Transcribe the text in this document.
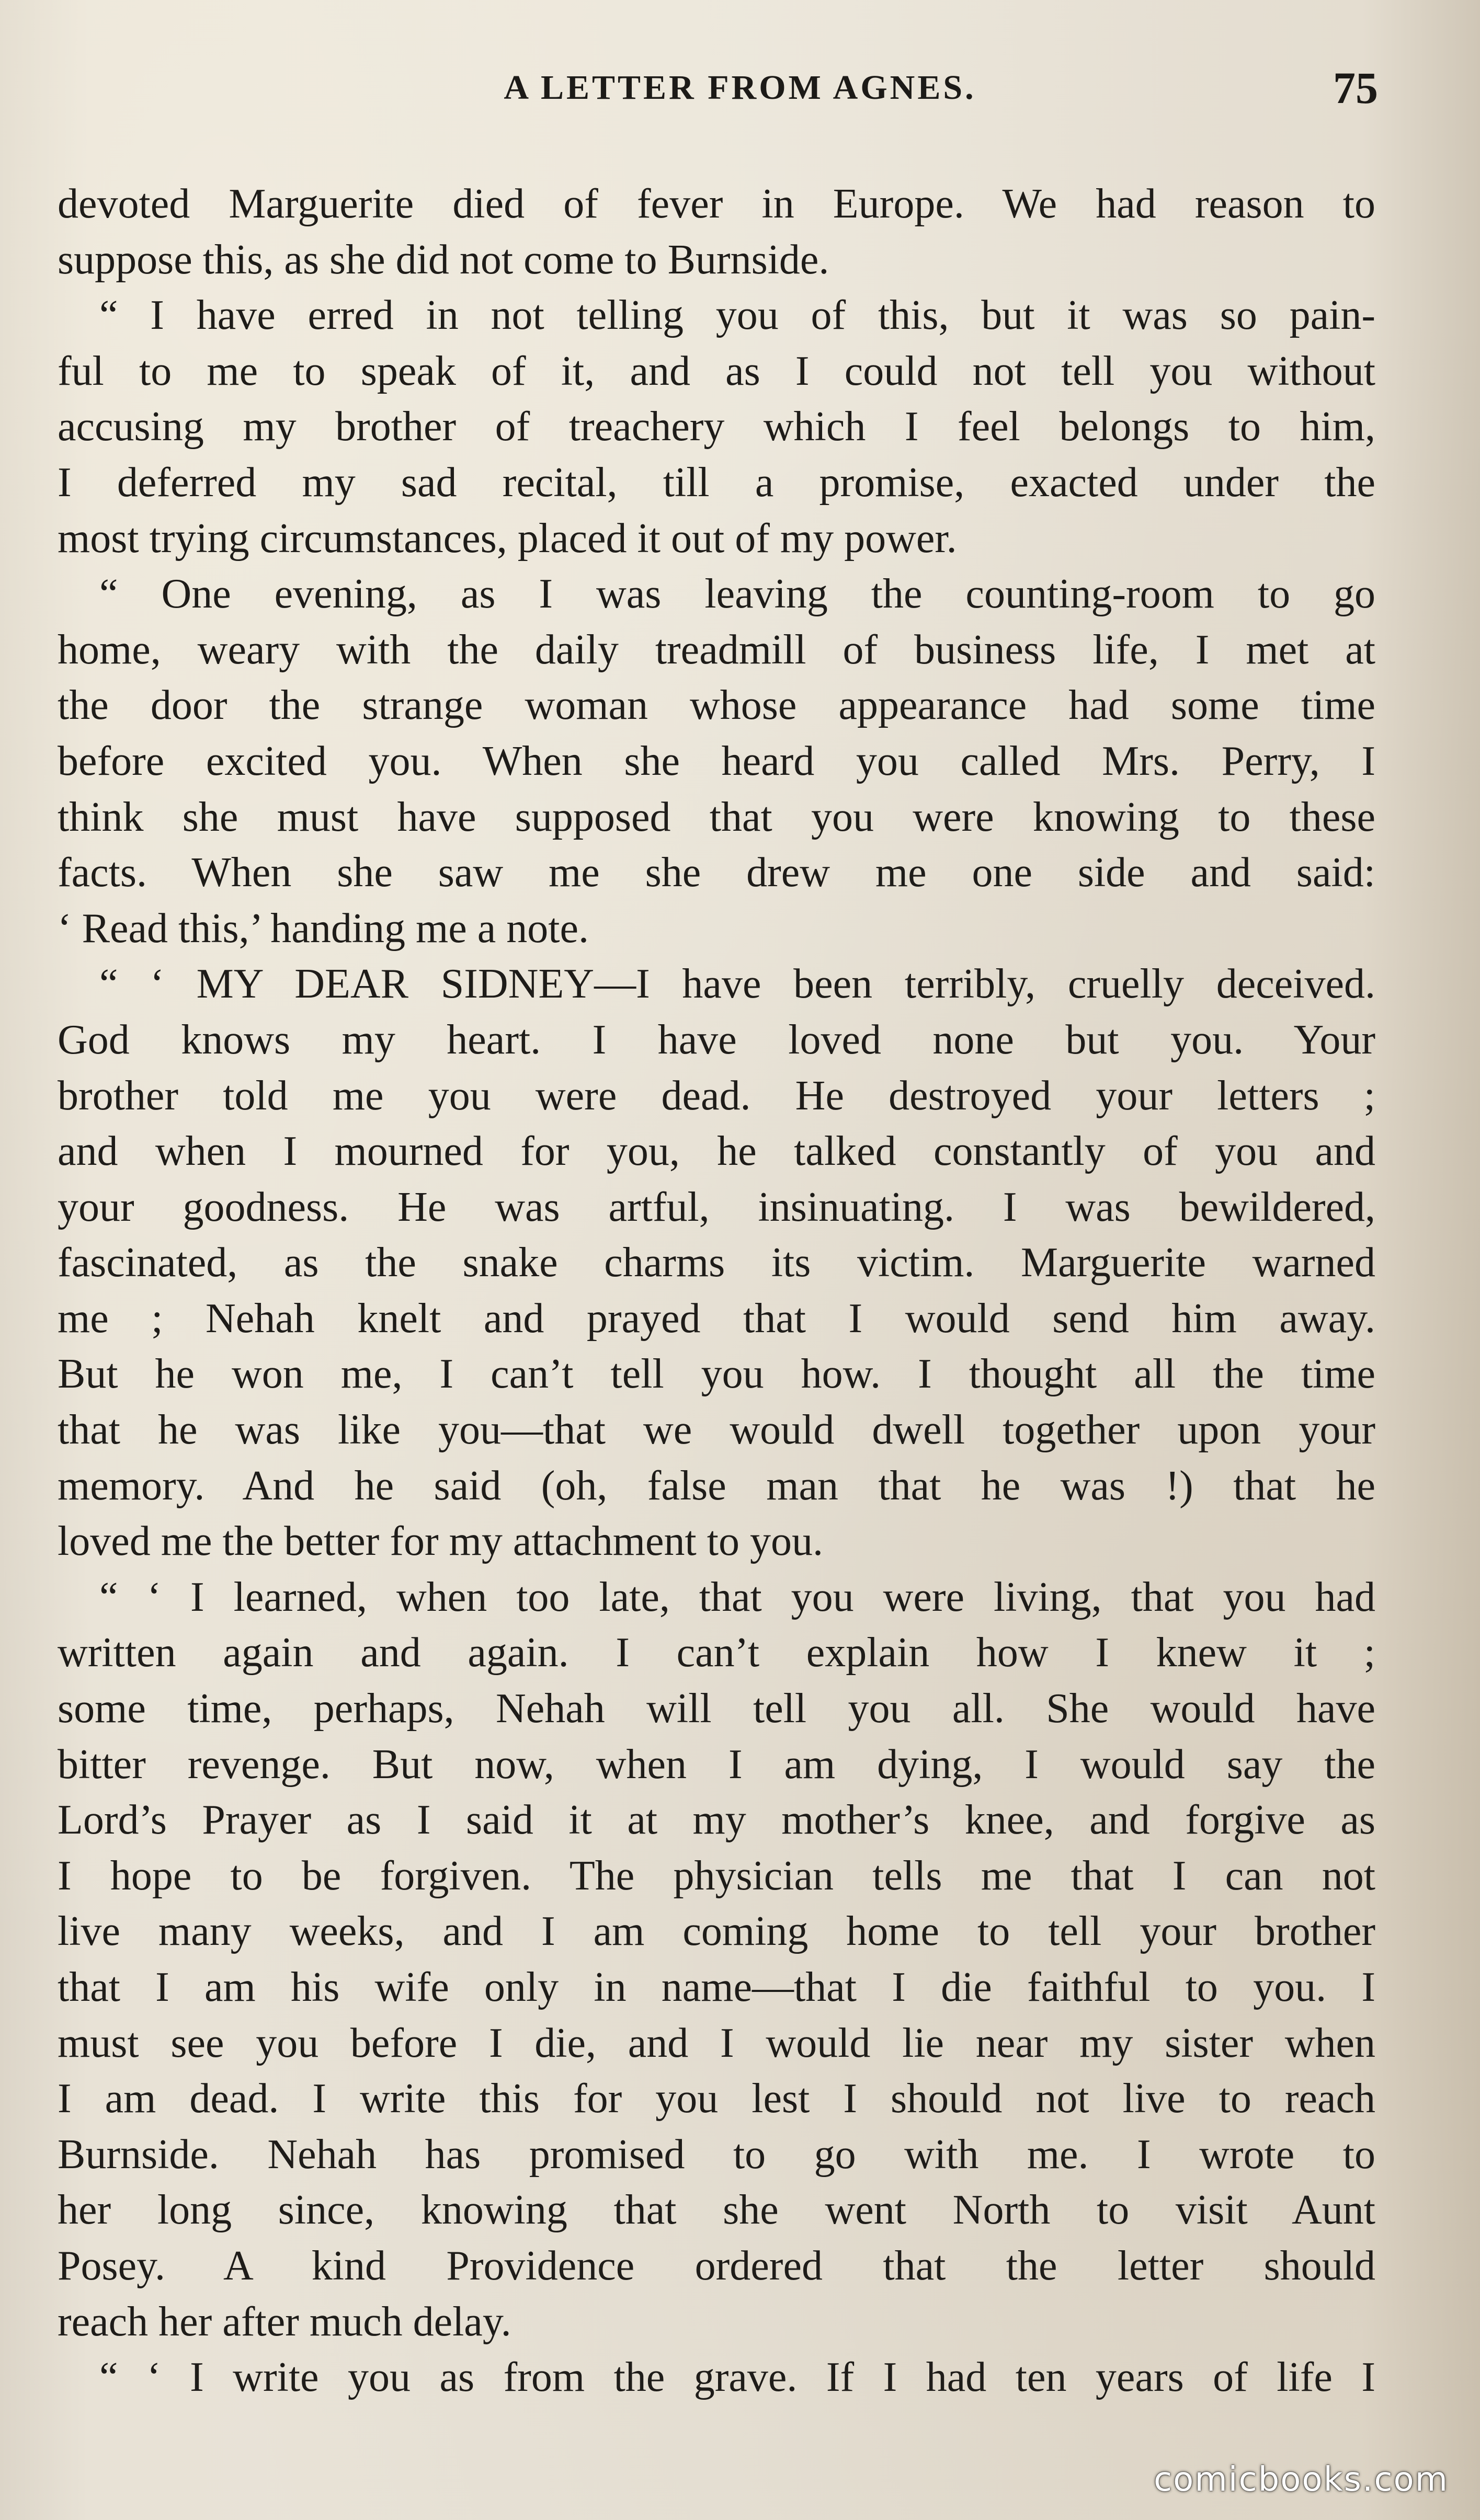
A LETTER FROM AGNES.	75
devoted Marguerite died of fever in Europe. We had reason to
suppose this, as she did not come to Burnside.
“ I have erred in not telling you of this, but it was so pain-
ful to me to speak of it, and as I could not tell you without
accusing my brother of treachery which I feel belongs to him,
I deferred my sad recital, till a promise, exacted under the
most trying circumstances, placed it out of my power.
“ One evening, as I was leaving the counting-room to go
home, weary with the daily treadmill of business life, I met at
the door the strange woman whose appearance had some time
before excited you. When she heard you called Mrs. Perry, I
think she must have supposed that you were knowing to these
facts. When she saw me she drew me one side and said:
‘ Read this,’ handing me a note.
“ ‘ MY DEAR SIDNEY—I have been terribly, cruelly deceived.
God knows my heart. I have loved none but you. Your
brother told me you were dead. He destroyed your letters ;
and when I mourned for you, he talked constantly of you and
your goodness. He was artful, insinuating. I was bewildered,
fascinated, as the snake charms its victim. Marguerite warned
me ; Nehah knelt and prayed that I would send him away.
But he won me, I can’t tell you how. I thought all the time
that he was like you—that we would dwell together upon your
memory. And he said (oh, false man that he was !) that he
loved me the better for my attachment to you.
“ ‘ I learned, when too late, that you were living, that you had
written again and again. I can’t explain how I knew it ;
some time, perhaps, Nehah will tell you all. She would have
bitter revenge. But now, when I am dying, I would say the
Lord’s Prayer as I said it at my mother’s knee, and forgive as
I hope to be forgiven. The physician tells me that I can not
live many weeks, and I am coming home to tell your brother
that I am his wife only in name—that I die faithful to you. I
must see you before I die, and I would lie near my sister when
I am dead. I write this for you lest I should not live to reach
Burnside. Nehah has promised to go with me. I wrote to
her long since, knowing that she went North to visit Aunt
Posey. A kind Providence ordered that the letter should
reach her after much delay.
“ ‘ I write you as from the grave. If I had ten years of life I
comicbooks.com
